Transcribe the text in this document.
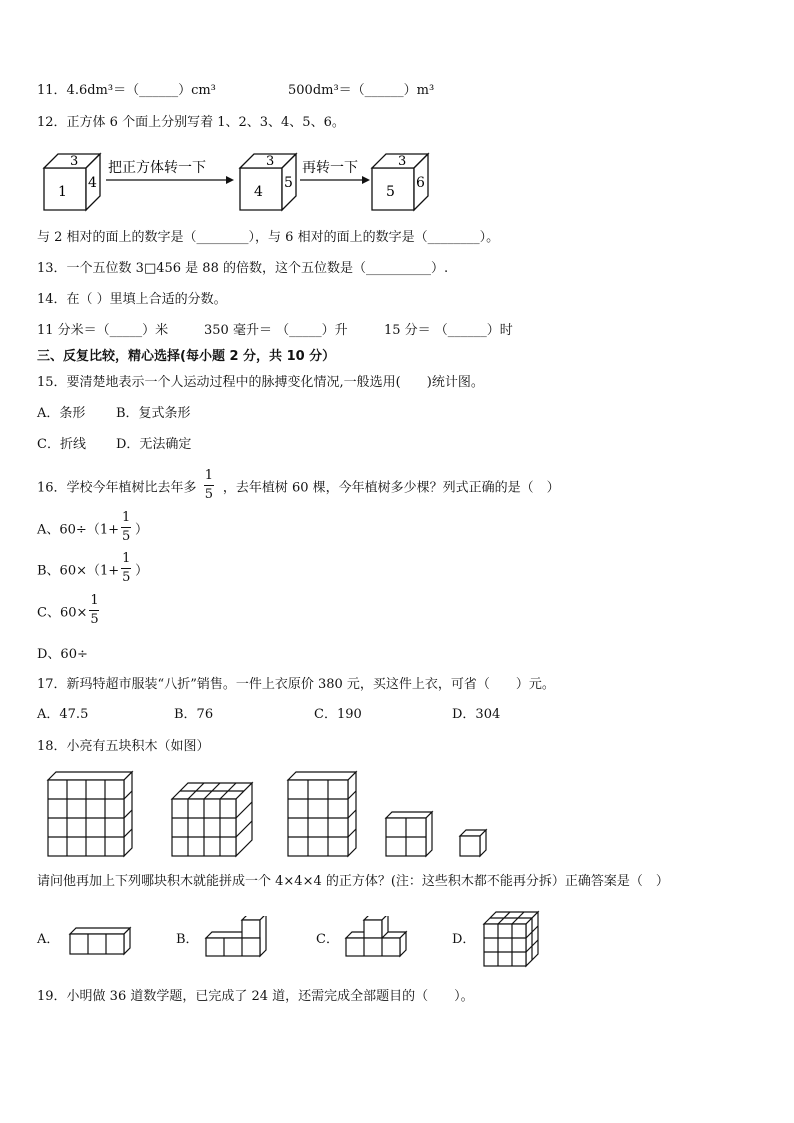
11．4.6dm³＝（______）cm³	500dm³＝（______）m³
12．正方体 6 个面上分别写着 1、2、3、4、5、6。
3
1
4
把正方体转一下	3
4
5
再转一下	3
5
6
与 2 相对的面上的数字是（________），与 6 相对的面上的数字是（________）。
13．一个五位数 3□456 是 88 的倍数，这个五位数是（__________）.
14．在（ ）里填上合适的分数。
11 分米＝（_____）米	350 毫升＝ （_____）升	15 分＝ （______）时
三、反复比较，精心选择(每小题 2 分，共 10 分）
15．要清楚地表示一个人运动过程中的脉搏变化情况,一般选用(　　)统计图。
A．条形 B．复式条形
C．折线 D．无法确定
16．学校今年植树比去年多 $\frac{1}{5}$ ，去年植树 60 棵，今年植树多少棵？列式正确的是（　）
A、$60\div(1+ \frac{1}{5}$ ）
B、$60\times(1+ \frac{1}{5}$ ）
C、$60\times \frac{1}{5}$
D、60÷
17．新玛特超市服装“八折”销售。一件上衣原价 380 元，买这件上衣，可省（　　）元。
A．47.5	B．76	C．190	D．304
18．小亮有五块积木（如图）
请问他再加上下列哪块积木就能拼成一个 4×4×4 的正方体？(注：这些积木都不能再分拆）正确答案是（　）
A．	B．	C．	D．
19．小明做 36 道数学题，已完成了 24 道，还需完成全部题目的（　　）。
